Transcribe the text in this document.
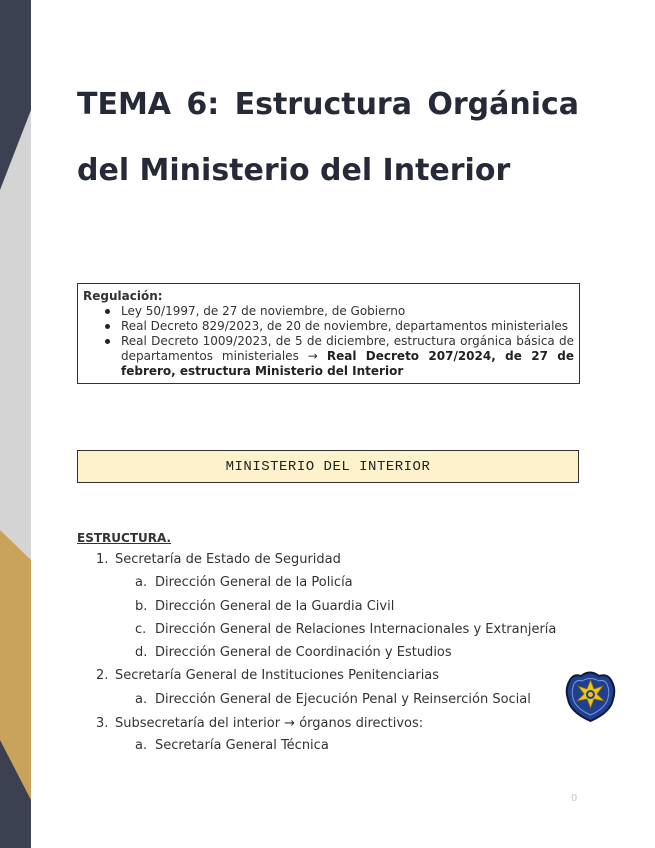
TEMA 6: Estructura Orgánica del Ministerio del Interior
Regulación:
Ley 50/1997, de 27 de noviembre, de Gobierno
Real Decreto 829/2023, de 20 de noviembre, departamentos ministeriales
Real Decreto 1009/2023, de 5 de diciembre, estructura orgánica básica de departamentos ministeriales → Real Decreto 207/2024, de 27 de febrero, estructura Ministerio del Interior
MINISTERIO DEL INTERIOR
ESTRUCTURA.
1. Secretaría de Estado de Seguridad
a. Dirección General de la Policía
b. Dirección General de la Guardia Civil
c. Dirección General de Relaciones Internacionales y Extranjería
d. Dirección General de Coordinación y Estudios
2. Secretaría General de Instituciones Penitenciarias
a. Dirección General de Ejecución Penal y Reinserción Social
3. Subsecretaría del interior → órganos directivos:
a. Secretaría General Técnica
0
